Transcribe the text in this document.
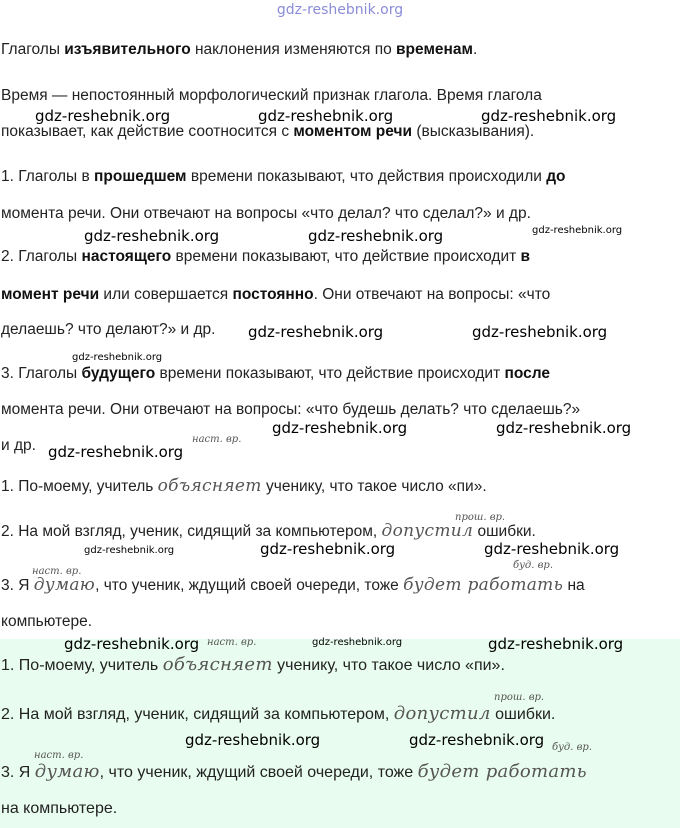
gdz-reshebnik.org
Глаголы изъявительного наклонения изменяются по временам.
Время — непостоянный морфологический признак глагола. Время глагола
показывает, как действие соотносится с моментом речи (высказывания).
1. Глаголы в прошедшем времени показывают, что действия происходили до
момента речи. Они отвечают на вопросы «что делал? что сделал?» и др.
2. Глаголы настоящего времени показывают, что действие происходит в
момент речи или совершается постоянно. Они отвечают на вопросы: «что
делаешь? что делают?» и др.
3. Глаголы будущего времени показывают, что действие происходит после
момента речи. Они отвечают на вопросы: «что будешь делать? что сделаешь?»
и др.	наст. вр.
1. По-моему, учитель объясняет ученику, что такое число «пи».
прош. вр.
2. На мой взгляд, ученик, сидящий за компьютером, допустил ошибки.
наст. вр.
буд. вр.
3. Я думаю, что ученик, ждущий своей очереди, тоже будет работать на
компьютере.
наст. вр.
1. По-моему, учитель объясняет ученику, что такое число «пи».
прош. вр.
2. На мой взгляд, ученик, сидящий за компьютером, допустил ошибки.
наст. вр.
буд. вр.
3. Я думаю, что ученик, ждущий своей очереди, тоже будет работать
на компьютере.
gdz-reshebnik.org	gdz-reshebnik.org	gdz-reshebnik.org
gdz-reshebnik.org	gdz-reshebnik.org	gdz-reshebnik.org
gdz-reshebnik.org	gdz-reshebnik.org
gdz-reshebnik.org
gdz-reshebnik.org	gdz-reshebnik.org
gdz-reshebnik.org
gdz-reshebnik.org	gdz-reshebnik.org	gdz-reshebnik.org
gdz-reshebnik.org	gdz-reshebnik.org	gdz-reshebnik.org
gdz-reshebnik.org	gdz-reshebnik.org
